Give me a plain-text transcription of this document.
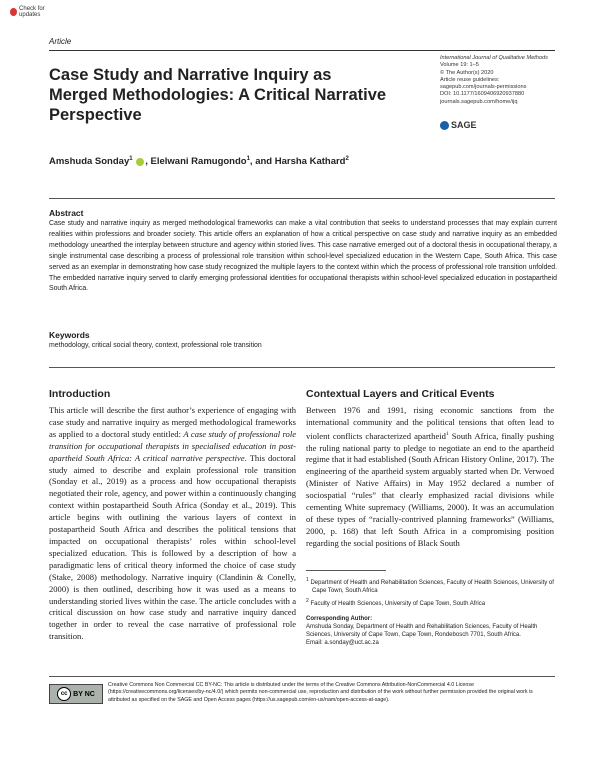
Check for updates
Article
Case Study and Narrative Inquiry as Merged Methodologies: A Critical Narrative Perspective
International Journal of Qualitative Methods
Volume 19: 1–5
© The Author(s) 2020
Article reuse guidelines:
sagepub.com/journals-permissions
DOI: 10.1177/1609406920937880
journals.sagepub.com/home/ijq
SAGE
Amshuda Sonday$^1$ , Elelwani Ramugondo$^1$, and Harsha Kathard$^2$
Abstract
Case study and narrative inquiry as merged methodological frameworks can make a vital contribution that seeks to understand processes that may explain current realities within professions and broader society. This article offers an explanation of how a critical perspective on case study and narrative inquiry as an embedded methodology unearthed the interplay between structure and agency within storied lives. This case narrative emerged out of a doctoral thesis in occupational therapy, a single instrumental case describing a process of professional role transition within school-level specialized education in the Western Cape, South Africa. This case served as an exemplar in demonstrating how case study recognized the multiple layers to the context within which the process of professional role transition unfolded. The embedded narrative inquiry served to clarify emerging professional identities for occupational therapists within school-level specialized education in postapartheid South Africa.
Keywords
methodology, critical social theory, context, professional role transition
Introduction
This article will describe the first author’s experience of engaging with case study and narrative inquiry as merged methodological frameworks as applied to a doctoral study entitled: A case study of professional role transition for occupational therapists in specialised education in post-apartheid South Africa: A critical narrative perspective. This doctoral study aimed to describe and explain professional role transition (Sonday et al., 2019) as a process and how occupational therapists negotiated their role, agency, and power within a continuously changing context within postapartheid South Africa (Sonday et al., 2019). This article begins with outlining the various layers of context in postapartheid South Africa and describes the political tensions that impacted on occupational therapists’ roles within school-level specialized education. This is followed by a description of how a paradigmatic lens of critical theory informed the choice of case study (Stake, 2008) methodology. Narrative inquiry (Clandinin & Conelly, 2000) is then outlined, describing how it was used as a means to understanding storied lives within the case. The article concludes with a critical discussion on how case study and narrative inquiry danced together in order to reveal the case narrative of professional role transition.
Contextual Layers and Critical Events
Between 1976 and 1991, rising economic sanctions from the international community and the political tensions that often lead to violent conflicts characterized apartheid$^1$ South Africa, finally pushing the ruling national party to pledge to negotiate an end to the apartheid regime that it had established (South African History Online, 2017). The engineering of the apartheid system arguably started when Dr. Verwoed (Minister of Native Affairs) in May 1952 declared a number of sociospatial “rules” that clearly emphasized racial divisions while cementing White supremacy (Williams, 2000). It was an accumulation of these types of “racially-contrived planning frameworks” (Williams, 2000, p. 168) that left South Africa in a compromising position regarding the social positions of Black South
$^1$ Department of Health and Rehabilitation Sciences, Faculty of Health Sciences, University of Cape Town, South Africa
$^2$ Faculty of Health Sciences, University of Cape Town, South Africa
Corresponding Author:
Amshuda Sonday, Department of Health and Rehabilitation Sciences, Faculty of Health Sciences, University of Cape Town, Cape Town, Rondebosch 7701, South Africa.
Email: a.sonday@uct.ac.za
cc BY NC
Creative Commons Non Commercial CC BY-NC: This article is distributed under the terms of the Creative Commons Attribution-NonCommercial 4.0 License (https://creativecommons.org/licenses/by-nc/4.0/) which permits non-commercial use, reproduction and distribution of the work without further permission provided the original work is attributed as specified on the SAGE and Open Access pages (https://us.sagepub.com/en-us/nam/open-access-at-sage).
